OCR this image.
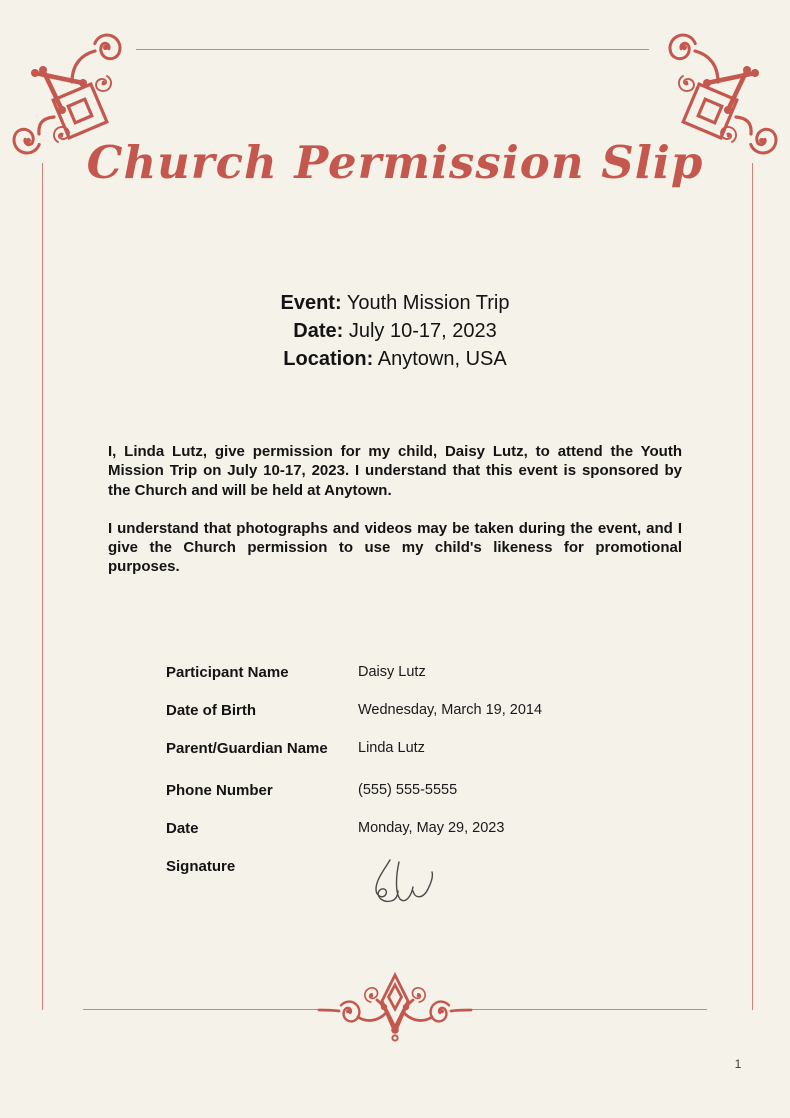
Church Permission Slip
Event: Youth Mission Trip
Date: July 10-17, 2023
Location: Anytown, USA

I, Linda Lutz, give permission for my child, Daisy Lutz, to attend the Youth Mission Trip on July 10-17, 2023. I understand that this event is sponsored by the Church and will be held at Anytown.

I understand that photographs and videos may be taken during the event, and I give the Church permission to use my child's likeness for promotional purposes.

Participant Name	Daisy Lutz
Date of Birth	Wednesday, March 19, 2014
Parent/Guardian Name	Linda Lutz
Phone Number	(555) 555-5555
Date	Monday, May 29, 2023
Signature
1
